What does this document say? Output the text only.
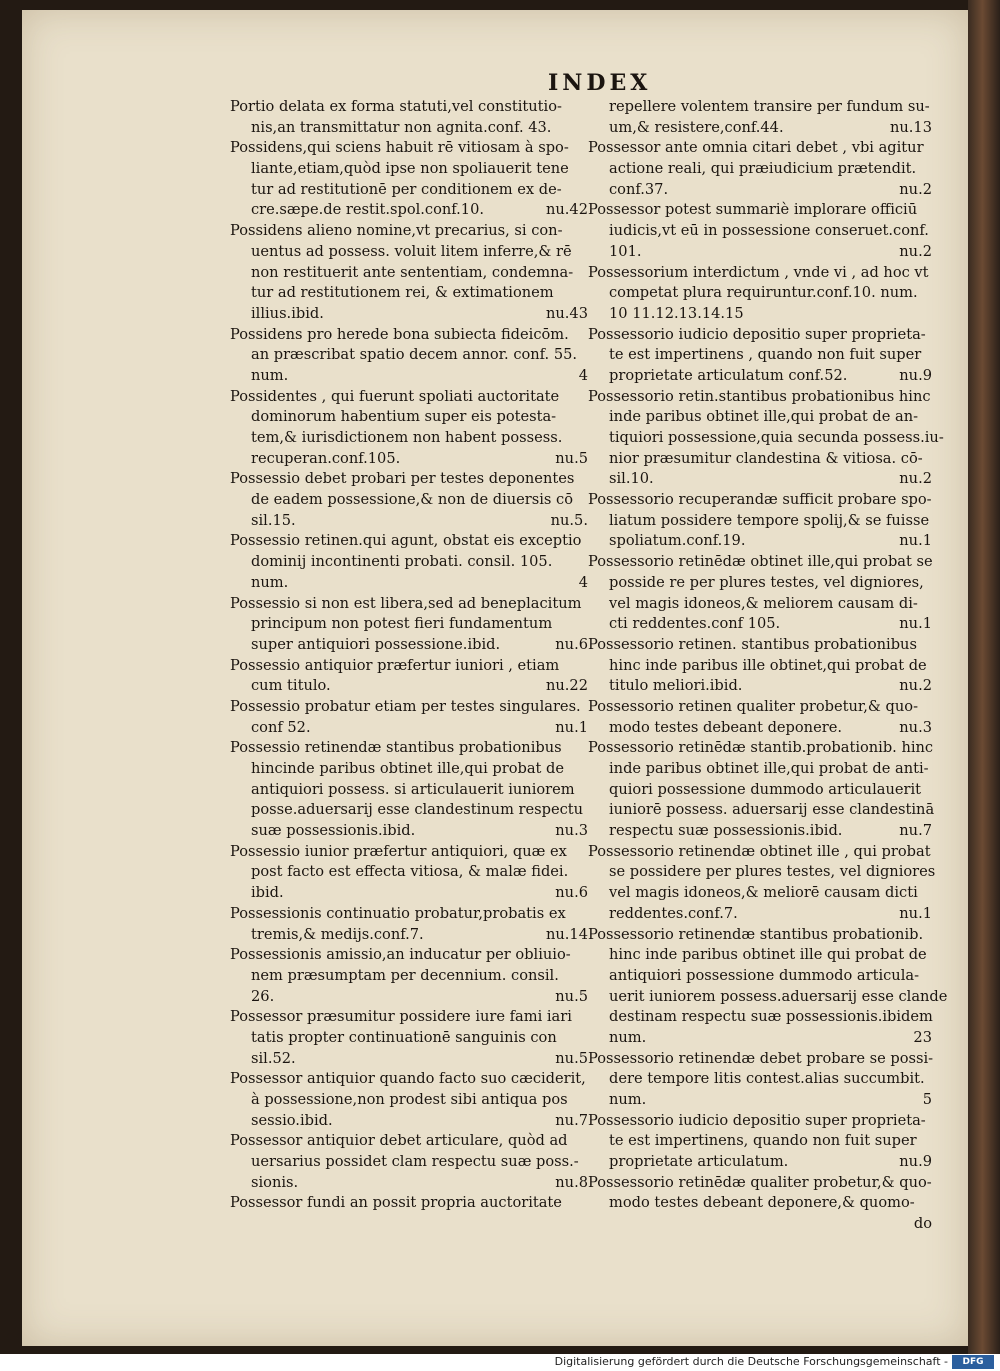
INDEX
Portio delata ex forma statuti,vel constitutio-
nis,an transmittatur non agnita.conf. 43.
Possidens,qui sciens habuit rē vitiosam à spo-
liante,etiam,quòd ipse non spoliauerit tene
tur ad restitutionē per conditionem ex de-
cre.sæpe.de restit.spol.conf.10.	nu.42
Possidens alieno nomine,vt precarius, si con-
uentus ad possess. voluit litem inferre,& rē
non restituerit ante sententiam, condemna-
tur ad restitutionem rei, & extimationem
illius.ibid.	nu.43
Possidens pro herede bona subiecta fideicōm.
an præscribat spatio decem annor. conf. 55.
num.	4
Possidentes , qui fuerunt spoliati auctoritate
dominorum habentium super eis potesta-
tem,& iurisdictionem non habent possess.
recuperan.conf.105.	nu.5
Possessio debet probari per testes deponentes
de eadem possessione,& non de diuersis cō
sil.15.	nu.5.
Possessio retinen.qui agunt, obstat eis exceptio
dominij incontinenti probati. consil. 105.
num.	4
Possessio si non est libera,sed ad beneplacitum
principum non potest fieri fundamentum
super antiquiori possessione.ibid.	nu.6
Possessio antiquior præfertur iuniori , etiam
cum titulo.	nu.22
Possessio probatur etiam per testes singulares.
conf 52.	nu.1
Possessio retinendæ stantibus probationibus
hincinde paribus obtinet ille,qui probat de
antiquiori possess. si articulauerit iuniorem
posse.aduersarij esse clandestinum respectu
suæ possessionis.ibid.	nu.3
Possessio iunior præfertur antiquiori, quæ ex
post facto est effecta vitiosa, & malæ fidei.
ibid.	nu.6
Possessionis continuatio probatur,probatis ex
tremis,& medijs.conf.7.	nu.14
Possessionis amissio,an inducatur per obliuio-
nem præsumptam per decennium. consil.
26.	nu.5
Possessor præsumitur possidere iure fami iari
tatis propter continuationē sanguinis con
sil.52.	nu.5
Possessor antiquior quando facto suo cæciderit,
à possessione,non prodest sibi antiqua pos
sessio.ibid.	nu.7
Possessor antiquior debet articulare, quòd ad
uersarius possidet clam respectu suæ poss.-
sionis.	nu.8
Possessor fundi an possit propria auctoritate
repellere volentem transire per fundum su-
um,& resistere,conf.44.	nu.13
Possessor ante omnia citari debet , vbi agitur
actione reali, qui præiudicium prætendit.
conf.37.	nu.2
Possessor potest summariè implorare officiū
iudicis,vt eū in possessione conseruet.conf.
101.	nu.2
Possessorium interdictum , vnde vi , ad hoc vt
competat plura requiruntur.conf.10. num.
10 11.12.13.14.15
Possessorio iudicio depositio super proprieta-
te est impertinens , quando non fuit super
proprietate articulatum conf.52.	nu.9
Possessorio retin.stantibus probationibus hinc
inde paribus obtinet ille,qui probat de an-
tiquiori possessione,quia secunda possess.iu-
nior præsumitur clandestina & vitiosa. cō-
sil.10.	nu.2
Possessorio recuperandæ sufficit probare spo-
liatum possidere tempore spolij,& se fuisse
spoliatum.conf.19.	nu.1
Possessorio retinēdæ obtinet ille,qui probat se
posside re per plures testes, vel digniores,
vel magis idoneos,& meliorem causam di-
cti reddentes.conf 105.	nu.1
Possessorio retinen. stantibus probationibus
hinc inde paribus ille obtinet,qui probat de
titulo meliori.ibid.	nu.2
Possessorio retinen qualiter probetur,& quo-
modo testes debeant deponere.	nu.3
Possessorio retinēdæ stantib.probationib. hinc
inde paribus obtinet ille,qui probat de anti-
quiori possessione dummodo articulauerit
iuniorē possess. aduersarij esse clandestinā
respectu suæ possessionis.ibid.	nu.7
Possessorio retinendæ obtinet ille , qui probat
se possidere per plures testes, vel digniores
vel magis idoneos,& meliorē causam dicti
reddentes.conf.7.	nu.1
Possessorio retinendæ stantibus probationib.
hinc inde paribus obtinet ille qui probat de
antiquiori possessione dummodo articula-
uerit iuniorem possess.aduersarij esse clande
destinam respectu suæ possessionis.ibidem
num.	23
Possessorio retinendæ debet probare se possi-
dere tempore litis contest.alias succumbit.
num.	5
Possessorio iudicio depositio super proprieta-
te est impertinens, quando non fuit super
proprietate articulatum.	nu.9
Possessorio retinēdæ qualiter probetur,& quo-
modo testes debeant deponere,& quomo-
do
Digitalisierung gefördert durch die Deutsche Forschungsgemeinschaft -	DFG
